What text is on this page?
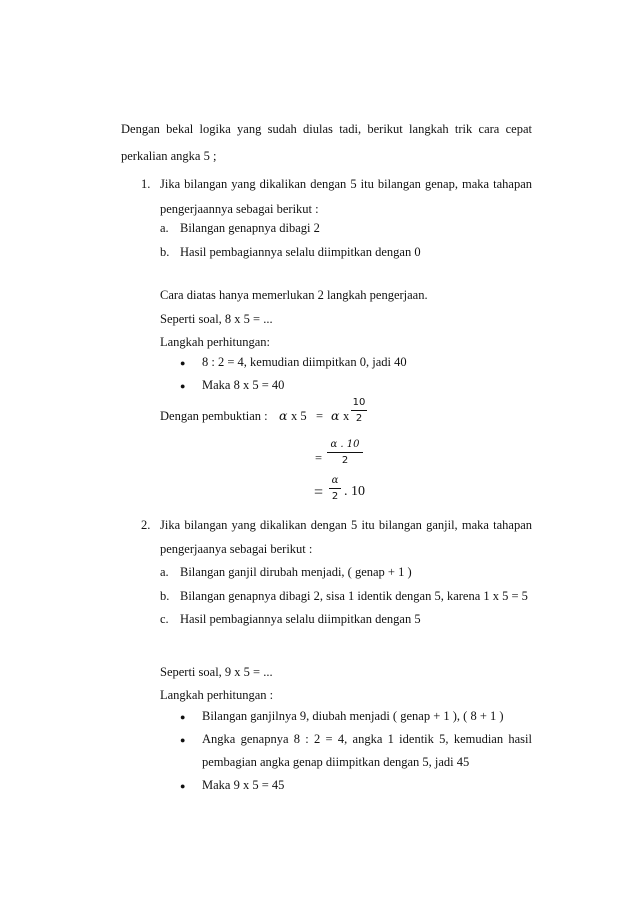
Dengan bekal logika yang sudah diulas tadi, berikut langkah trik cara cepat
perkalian angka 5 ;
1. Jika bilangan yang dikalikan dengan 5 itu bilangan genap, maka tahapan
pengerjaannya sebagai berikut :
a. Bilangan genapnya dibagi 2
b. Hasil pembagiannya selalu diimpitkan dengan 0
Cara diatas hanya memerlukan 2 langkah pengerjaan.
Seperti soal, 8 x 5 = ...
Langkah perhitungan:
● 8 : 2 = 4, kemudian diimpitkan 0, jadi 40
● Maka 8 x 5 = 40
Dengan pembuktian : α x 5 = α x
10
2
=
α . 10
2
=
α
2 . 10
2. Jika bilangan yang dikalikan dengan 5 itu bilangan ganjil, maka tahapan
pengerjaanya sebagai berikut :
a. Bilangan ganjil dirubah menjadi, ( genap + 1 )
b. Bilangan genapnya dibagi 2, sisa 1 identik dengan 5, karena 1 x 5 = 5
c. Hasil pembagiannya selalu diimpitkan dengan 5
Seperti soal, 9 x 5 = ...
Langkah perhitungan :
● Bilangan ganjilnya 9, diubah menjadi ( genap + 1 ), ( 8 + 1 )
● Angka genapnya 8 : 2 = 4, angka 1 identik 5, kemudian hasil
pembagian angka genap diimpitkan dengan 5, jadi 45
● Maka 9 x 5 = 45
